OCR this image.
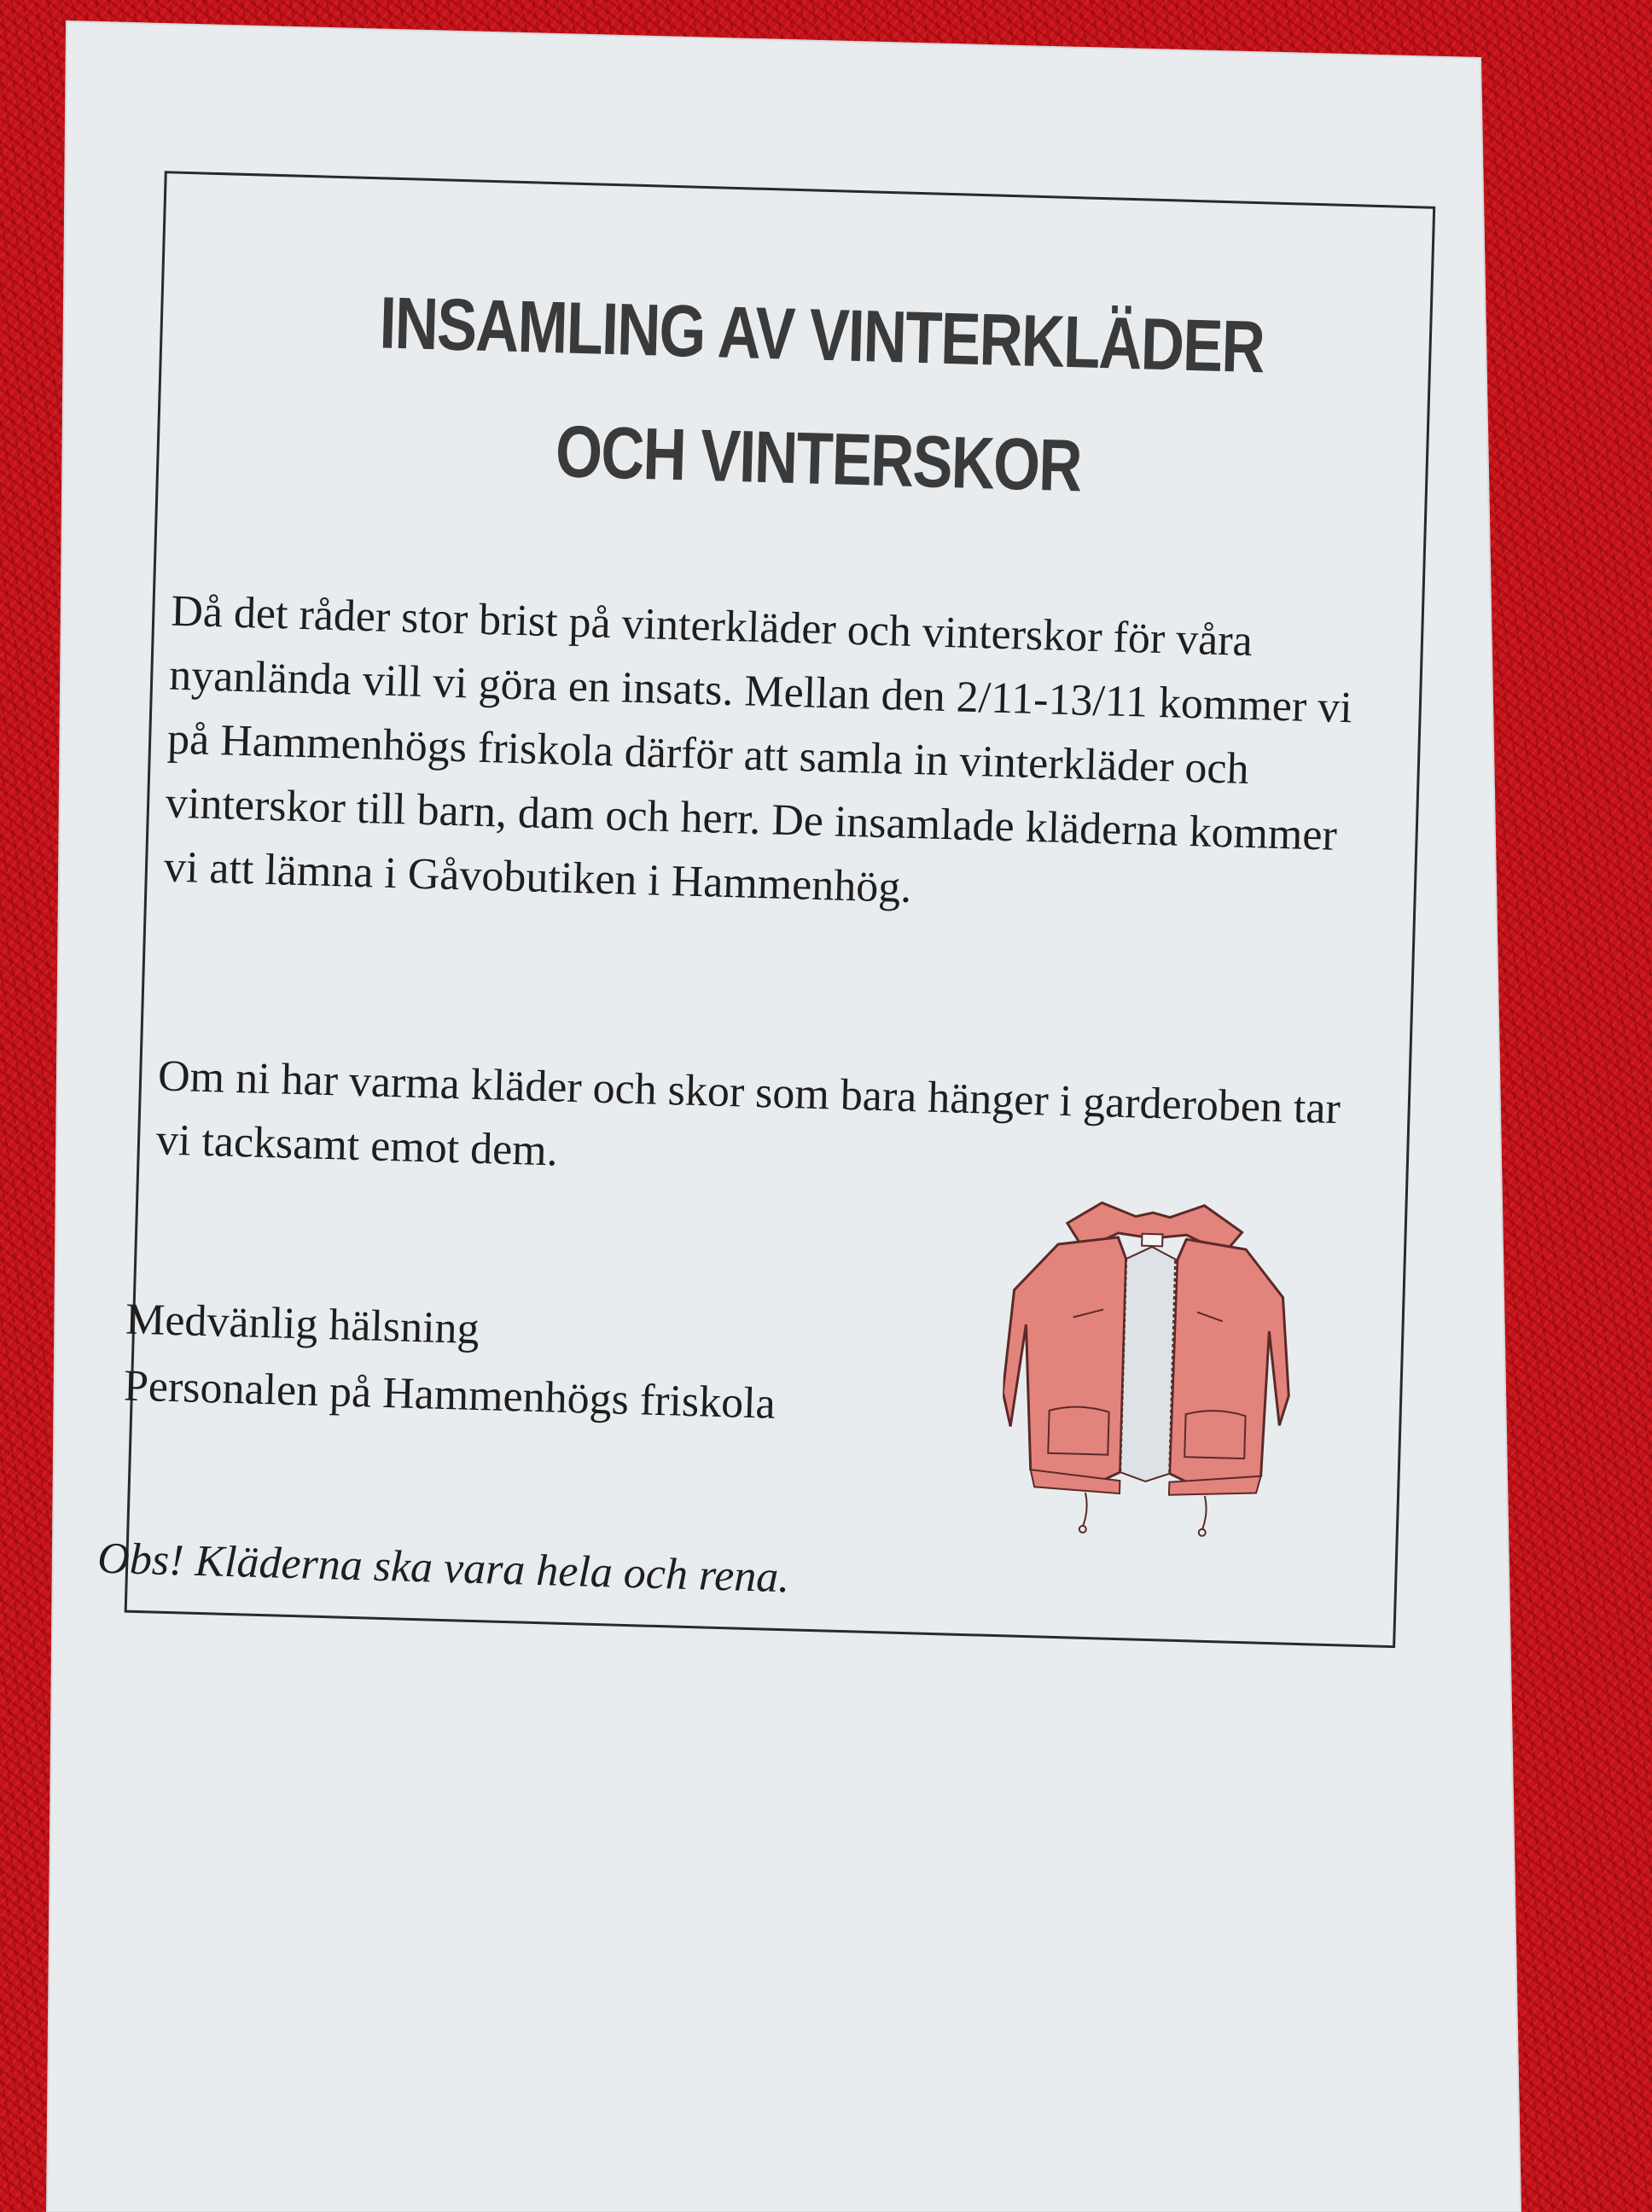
INSAMLING AV VINTERKLÄDER
OCH VINTERSKOR

Då det råder stor brist på vinterkläder och vinterskor för våra nyanlända vill vi göra en insats. Mellan den 2/11-13/11 kommer vi på Hammenhögs friskola därför att samla in vinterkläder och vinterskor till barn, dam och herr. De insamlade kläderna kommer vi att lämna i Gåvobutiken i Hammenhög.

Om ni har varma kläder och skor som bara hänger i garderoben tar vi tacksamt emot dem.

Medvänlig hälsning
Personalen på Hammenhögs friskola
Obs! Kläderna ska vara hela och rena.
